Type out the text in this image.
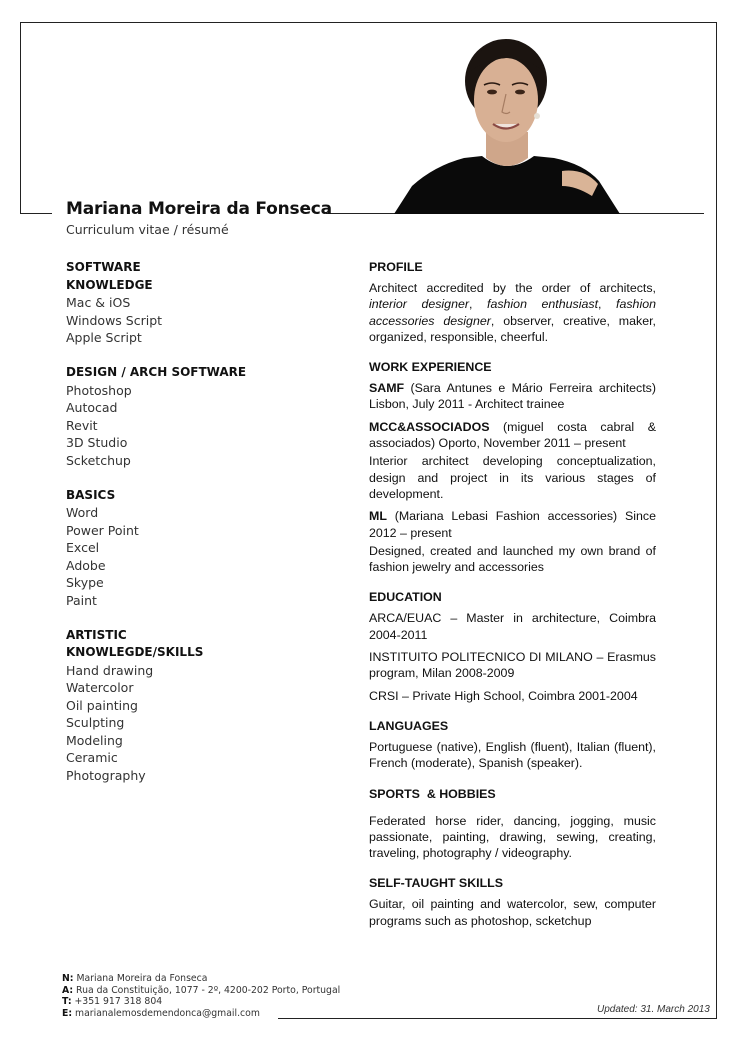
Mariana Moreira da Fonseca
Curriculum vitae / résumé
SOFTWARE
KNOWLEDGE
Mac & iOS
Windows Script
Apple Script
DESIGN / ARCH SOFTWARE
Photoshop
Autocad
Revit
3D Studio
Scketchup
BASICS
Word
Power Point
Excel
Adobe
Skype
Paint
ARTISTIC
KNOWLEGDE/SKILLS
Hand drawing
Watercolor
Oil painting
Sculpting
Modeling
Ceramic
Photography
PROFILE
Architect accredited by the order of architects, interior designer, fashion enthusiast, fashion accessories designer, observer, creative, maker, organized, responsible, cheerful.
WORK EXPERIENCE
SAMF (Sara Antunes e Mário Ferreira architects) Lisbon, July 2011 - Architect trainee
MCC&ASSOCIADOS (miguel costa cabral & associados) Oporto, November 2011 – present
Interior architect developing conceptualization, design and project in its various stages of development.
ML (Mariana Lebasi Fashion accessories) Since 2012 – present
Designed, created and launched my own brand of fashion jewelry and accessories
EDUCATION
ARCA/EUAC – Master in architecture, Coimbra 2004-2011
INSTITUITO POLITECNICO DI MILANO – Erasmus program, Milan 2008-2009
CRSI – Private High School, Coimbra 2001-2004
LANGUAGES
Portuguese (native), English (fluent), Italian (fluent), French (moderate), Spanish (speaker).
SPORTS  & HOBBIES
Federated horse rider, dancing, jogging, music passionate, painting, drawing, sewing, creating, traveling, photography / videography.
SELF-TAUGHT SKILLS
Guitar, oil painting and watercolor, sew, computer programs such as photoshop, scketchup
N: Mariana Moreira da Fonseca
A: Rua da Constituição, 1077 - 2º, 4200-202 Porto, Portugal
T: +351 917 318 804
E: marianalemosdemendonca@gmail.com	Updated: 31. March 2013
